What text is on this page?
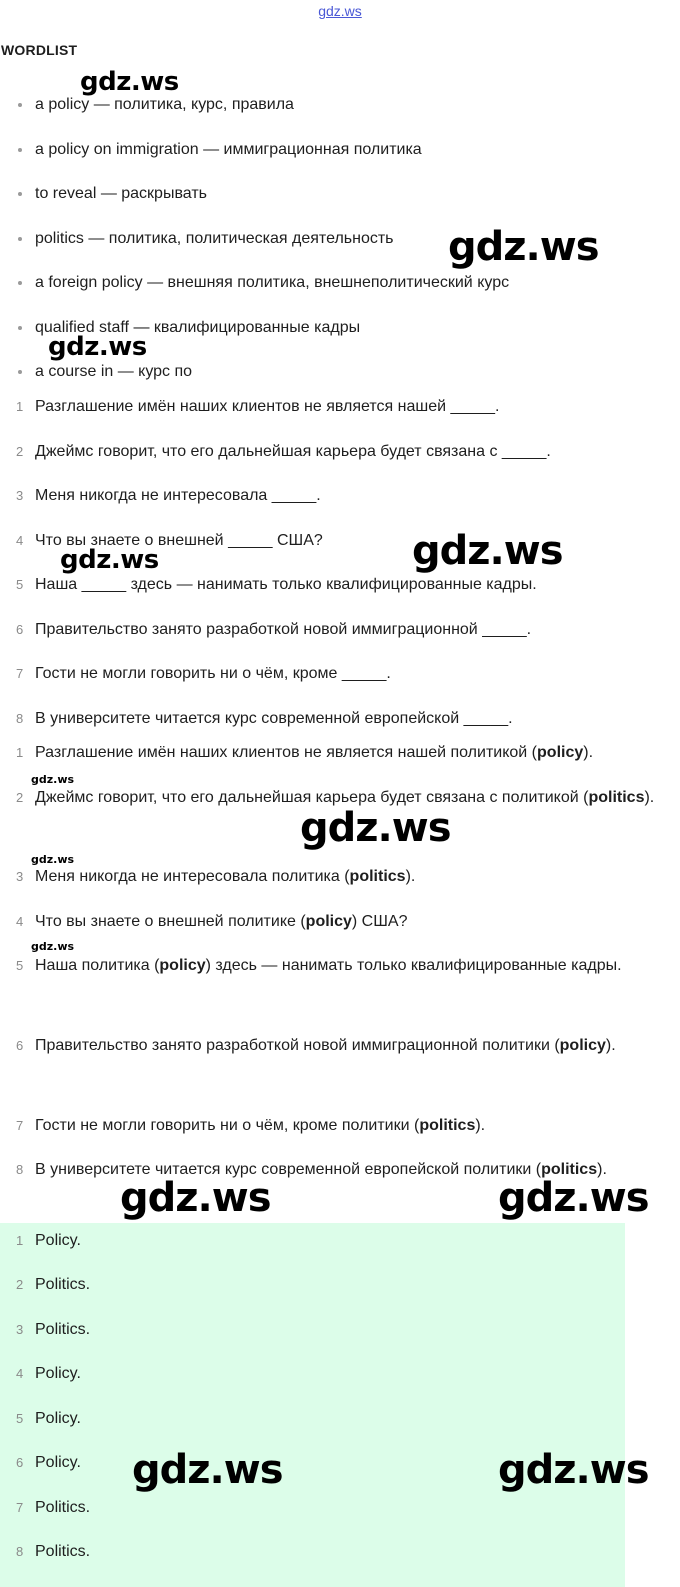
gdz.ws
WORDLIST
a policy — политика, курс, правила
a policy on immigration — иммиграционная политика
to reveal — раскрывать
politics — политика, политическая деятельность
a foreign policy — внешняя политика, внешнеполитический курс
qualified staff — квалифицированные кадры
a course in — курс по
1 Разглашение имён наших клиентов не является нашей _____.
2 Джеймс говорит, что его дальнейшая карьера будет связана с _____.
3 Меня никогда не интересовала _____.
4 Что вы знаете о внешней _____ США?
5 Наша _____ здесь — нанимать только квалифицированные кадры.
6 Правительство занято разработкой новой иммиграционной _____.
7 Гости не могли говорить ни о чём, кроме _____.
8 В университете читается курс современной европейской _____.
1 Разглашение имён наших клиентов не является нашей политикой (policy).
2 Джеймс говорит, что его дальнейшая карьера будет связана с политикой (politics).
3 Меня никогда не интересовала политика (politics).
4 Что вы знаете о внешней политике (policy) США?
5 Наша политика (policy) здесь — нанимать только квалифицированные кадры.
6 Правительство занято разработкой новой иммиграционной политики (policy).
7 Гости не могли говорить ни о чём, кроме политики (politics).
8 В университете читается курс современной европейской политики (politics).
1 Policy.
2 Politics.
3 Politics.
4 Policy.
5 Policy.
6 Policy.
7 Politics.
8 Politics.
gdz.ws
gdz.ws
gdz.ws
gdz.ws
gdz.ws
gdz.ws
gdz.ws
gdz.ws
gdz.ws
gdz.ws	gdz.ws
gdz.ws	gdz.ws
